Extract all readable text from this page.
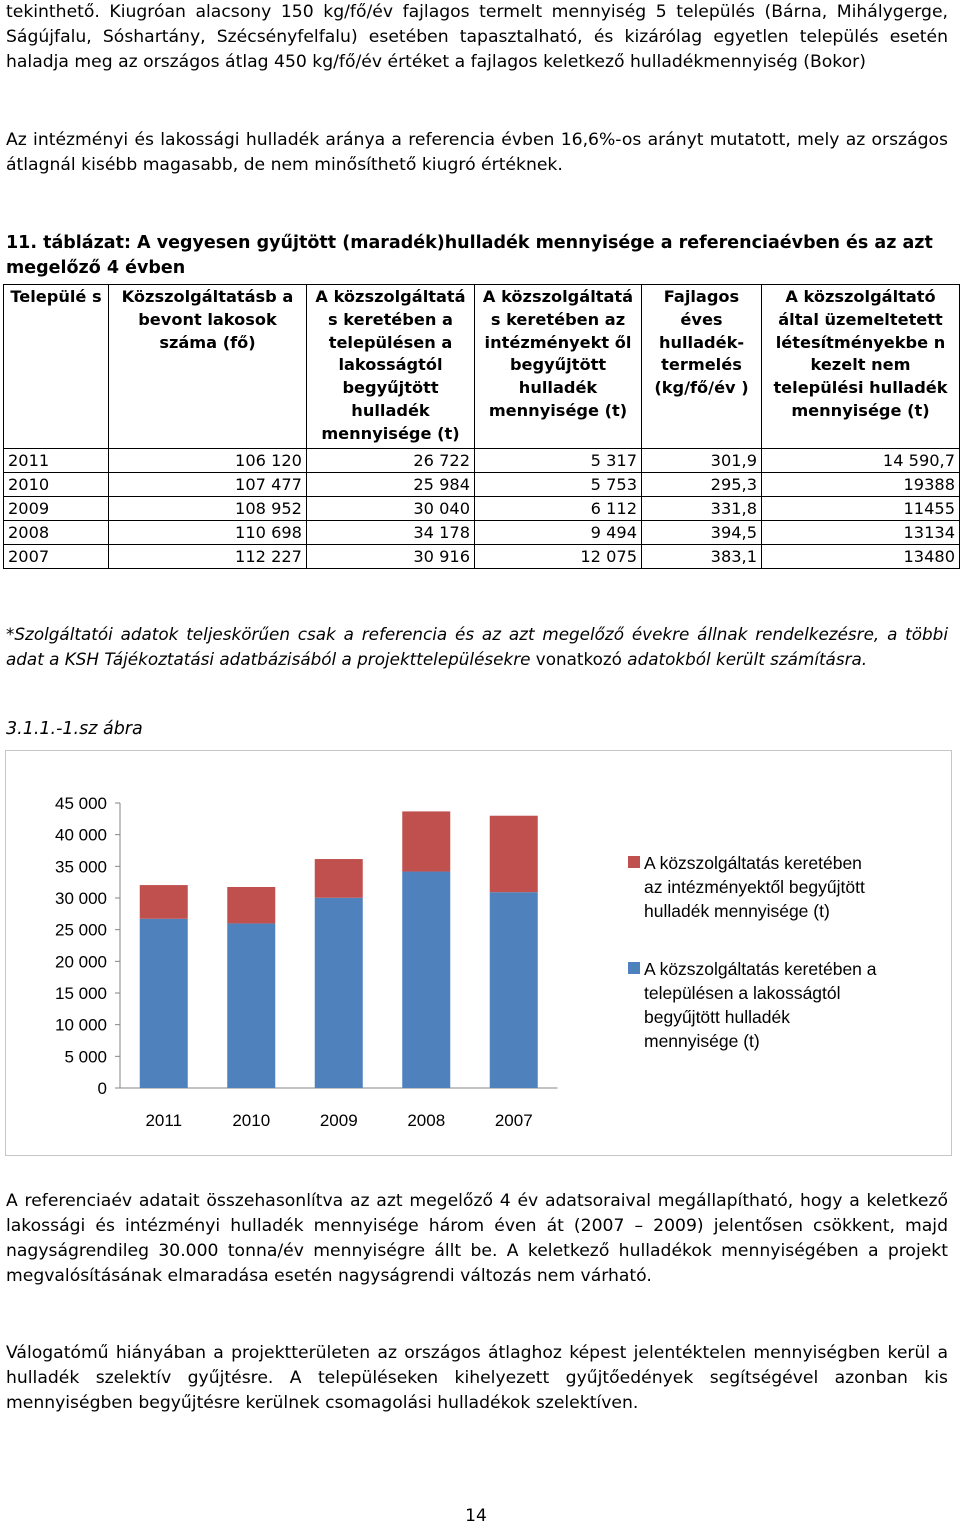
tekinthető. Kiugróan alacsony 150 kg/fő/év fajlagos termelt mennyiség 5 település (Bárna, Mihálygerge, Ságújfalu, Sóshartány, Szécsényfelfalu) esetében tapasztalható, és kizárólag egyetlen település esetén haladja meg az országos átlag 450 kg/fő/év értéket a fajlagos keletkező hulladékmennyiség (Bokor)

Az intézményi és lakossági hulladék aránya a referencia évben 16,6%-os arányt mutatott, mely az országos átlagnál kisébb magasabb, de nem minősíthető kiugró értéknek.

11. táblázat: A vegyesen gyűjtött (maradék)hulladék mennyisége a referenciaévben és az azt megelőző 4 évben

Települé s	Közszolgáltatásb a bevont lakosok száma (fő)	A közszolgáltatá s keretében a településen a lakosságtól begyűjtött hulladék mennyisége (t)	A közszolgáltatá s keretében az intézményekt ől begyűjtött hulladék mennyisége (t)	Fajlagos éves hulladék- termelés (kg/fő/év )	A közszolgáltató által üzemeltetett létesítményekbe n kezelt nem települési hulladék mennyisége (t)
2011	106 120	26 722	5 317	301,9	14 590,7
2010	107 477	25 984	5 753	295,3	19388
2009	108 952	30 040	6 112	331,8	11455
2008	110 698	34 178	9 494	394,5	13134
2007	112 227	30 916	12 075	383,1	13480

*Szolgáltatói adatok teljeskörűen csak a referencia és az azt megelőző évekre állnak rendelkezésre, a többi adat a KSH Tájékoztatási adatbázisából a projekttelepülésekre vonatkozó adatokból került számításra.

3.1.1.-1.sz ábra
0
5 000
10 000
15 000
20 000
25 000
30 000
35 000
40 000
45 000
2011	2010	2009	2008	2007
A közszolgáltatás keretében
az intézményektől begyűjtött
hulladék mennyisége (t)
A közszolgáltatás keretében a
településen a lakosságtól
begyűjtött hulladék
mennyisége (t)

A referenciaév adatait összehasonlítva az azt megelőző 4 év adatsoraival megállapítható, hogy a keletkező lakossági és intézményi hulladék mennyisége három éven át (2007 – 2009) jelentősen csökkent, majd nagyságrendileg 30.000 tonna/év mennyiségre állt be. A keletkező hulladékok mennyiségében a projekt megvalósításának elmaradása esetén nagyságrendi változás nem várható.

Válogatómű hiányában a projektterületen az országos átlaghoz képest jelentéktelen mennyiségben kerül a hulladék szelektív gyűjtésre. A településeken kihelyezett gyűjtőedények segítségével azonban kis mennyiségben begyűjtésre kerülnek csomagolási hulladékok szelektíven.

14
